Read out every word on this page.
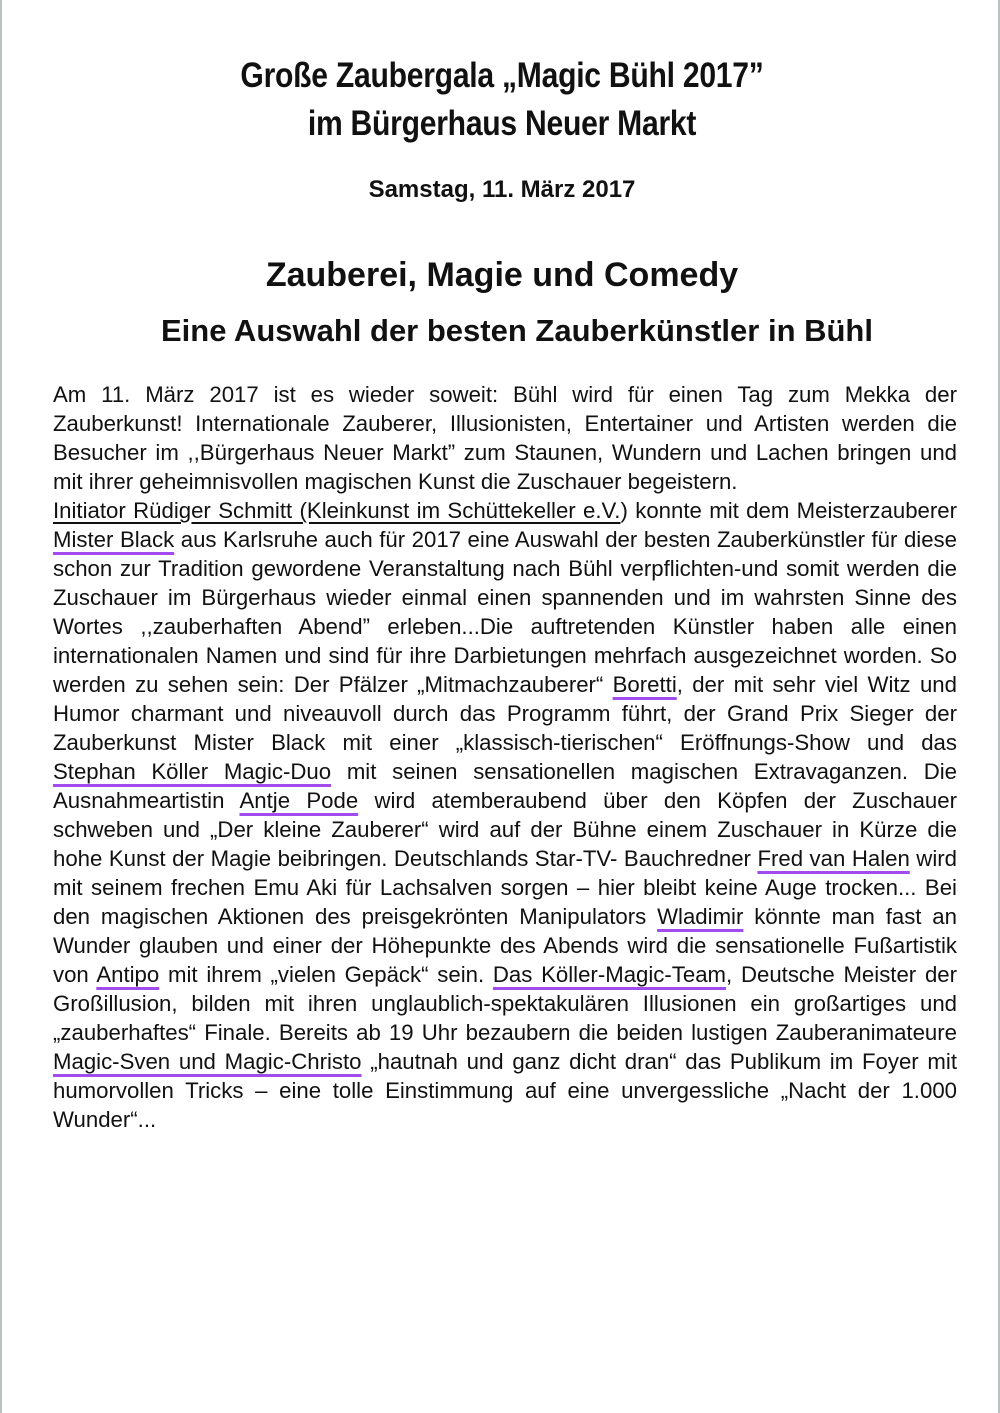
Große Zaubergala „Magic Bühl 2017”
im Bürgerhaus Neuer Markt
Samstag, 11. März 2017
Zauberei, Magie und Comedy
Eine Auswahl der besten Zauberkünstler in Bühl

Am 11. März 2017 ist es wieder soweit: Bühl wird für einen Tag zum Mekka der Zauberkunst! Internationale Zauberer, Illusionisten, Entertainer und Artisten werden die Besucher im ,,Bürgerhaus Neuer Markt” zum Staunen, Wundern und Lachen bringen und mit ihrer geheimnisvollen magischen Kunst die Zuschauer begeistern.

Initiator Rüdiger Schmitt (Kleinkunst im Schüttekeller e.V.) konnte mit dem Meisterzauberer Mister Black aus Karlsruhe auch für 2017 eine Auswahl der besten Zauberkünstler für diese schon zur Tradition gewordene Veranstaltung nach Bühl verpflichten-und somit werden die Zuschauer im Bürgerhaus wieder einmal einen spannenden und im wahrsten Sinne des Wortes ,,zauberhaften Abend” erleben...Die auftretenden Künstler haben alle einen internationalen Namen und sind für ihre Darbietungen mehrfach ausgezeichnet worden. So werden zu sehen sein: Der Pfälzer „Mitmachzauberer“ Boretti, der mit sehr viel Witz und Humor charmant und niveauvoll durch das Programm führt, der Grand Prix Sieger der Zauberkunst Mister Black mit einer „klassisch-tierischen“ Eröffnungs-Show und das Stephan Köller Magic-Duo mit seinen sensationellen magischen Extravaganzen. Die Ausnahmeartistin Antje Pode wird atemberaubend über den Köpfen der Zuschauer schweben und „Der kleine Zauberer“ wird auf der Bühne einem Zuschauer in Kürze die hohe Kunst der Magie beibringen. Deutschlands Star-TV- Bauchredner Fred van Halen wird mit seinem frechen Emu Aki für Lachsalven sorgen – hier bleibt keine Auge trocken... Bei den magischen Aktionen des preisgekrönten Manipulators Wladimir könnte man fast an Wunder glauben und einer der Höhepunkte des Abends wird die sensationelle Fußartistik von Antipo mit ihrem „vielen Gepäck“ sein. Das Köller-Magic-Team, Deutsche Meister der Großillusion, bilden mit ihren unglaublich-spektakulären Illusionen ein großartiges und „zauberhaftes“ Finale. Bereits ab 19 Uhr bezaubern die beiden lustigen Zauberanimateure Magic-Sven und Magic-Christo „hautnah und ganz dicht dran“ das Publikum im Foyer mit humorvollen Tricks – eine tolle Einstimmung auf eine unvergessliche „Nacht der 1.000 Wunder“...
